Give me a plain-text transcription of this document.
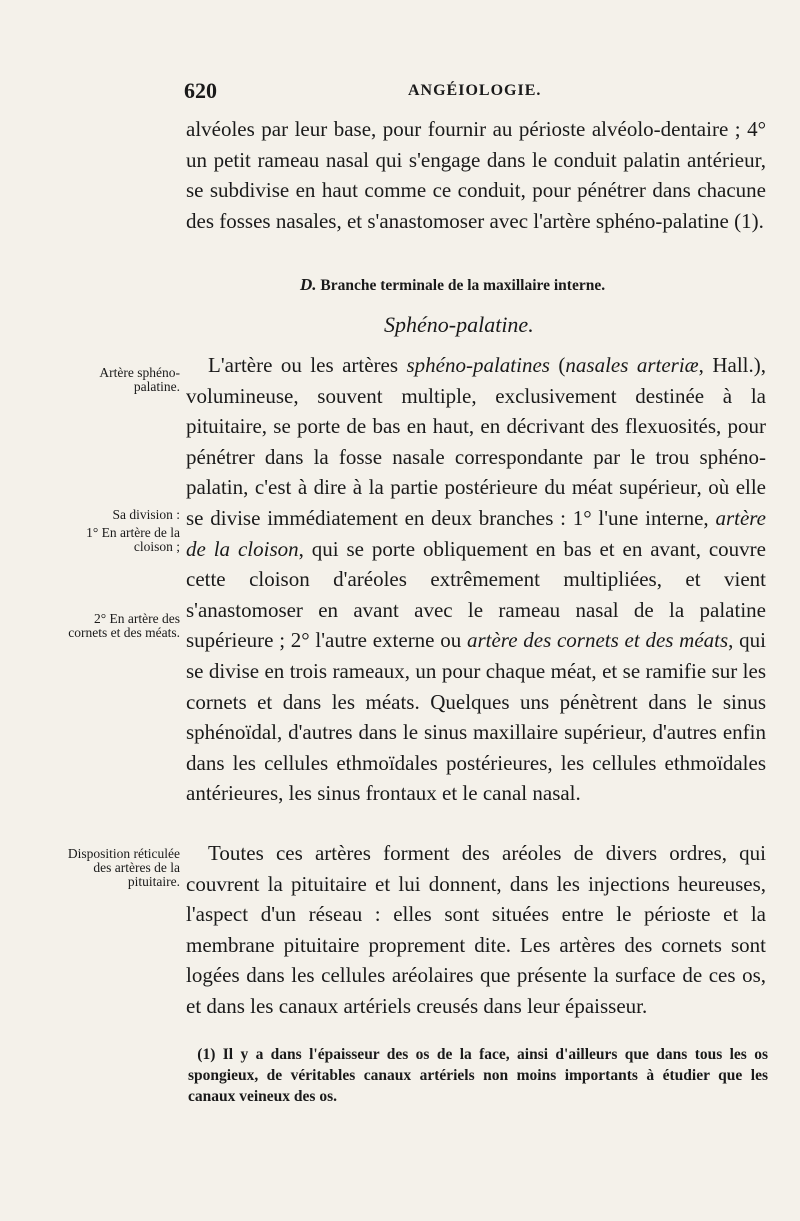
620	ANGÉIOLOGIE.

alvéoles par leur base, pour fournir au périoste alvéolo-dentaire ; 4° un petit rameau nasal qui s'engage dans le conduit palatin antérieur, se subdivise en haut comme ce conduit, pour pénétrer dans chacune des fosses nasales, et s'anastomoser avec l'artère sphéno-palatine (1).

D. Branche terminale de la maxillaire interne.
Sphéno-palatine.

L'artère ou les artères sphéno-palatines (nasales arteriæ, Hall.), volumineuse, souvent multiple, exclusivement destinée à la pituitaire, se porte de bas en haut, en décrivant des flexuosités, pour pénétrer dans la fosse nasale correspondante par le trou sphéno-palatin, c'est à dire à la partie postérieure du méat supérieur, où elle se divise immédiatement en deux branches : 1° l'une interne, artère de la cloison, qui se porte obliquement en bas et en avant, couvre cette cloison d'aréoles extrêmement multipliées, et vient s'anastomoser en avant avec le rameau nasal de la palatine supérieure ; 2° l'autre externe ou artère des cornets et des méats, qui se divise en trois rameaux, un pour chaque méat, et se ramifie sur les cornets et dans les méats. Quelques uns pénètrent dans le sinus sphénoïdal, d'autres dans le sinus maxillaire supérieur, d'autres enfin dans les cellules ethmoïdales postérieures, les cellules ethmoïdales antérieures, les sinus frontaux et le canal nasal.

Toutes ces artères forment des aréoles de divers ordres, qui couvrent la pituitaire et lui donnent, dans les injections heureuses, l'aspect d'un réseau : elles sont situées entre le périoste et la membrane pituitaire proprement dite. Les artères des cornets sont logées dans les cellules aréolaires que présente la surface de ces os, et dans les canaux artériels creusés dans leur épaisseur.

Artère sphéno-palatine.
Sa division :
1° En artère de la cloison ;
2° En artère des cornets et des méats.
Disposition réticulée des artères de la pituitaire.

(1) Il y a dans l'épaisseur des os de la face, ainsi d'ailleurs que dans tous les os spongieux, de véritables canaux artériels non moins importants à étudier que les canaux veineux des os.
